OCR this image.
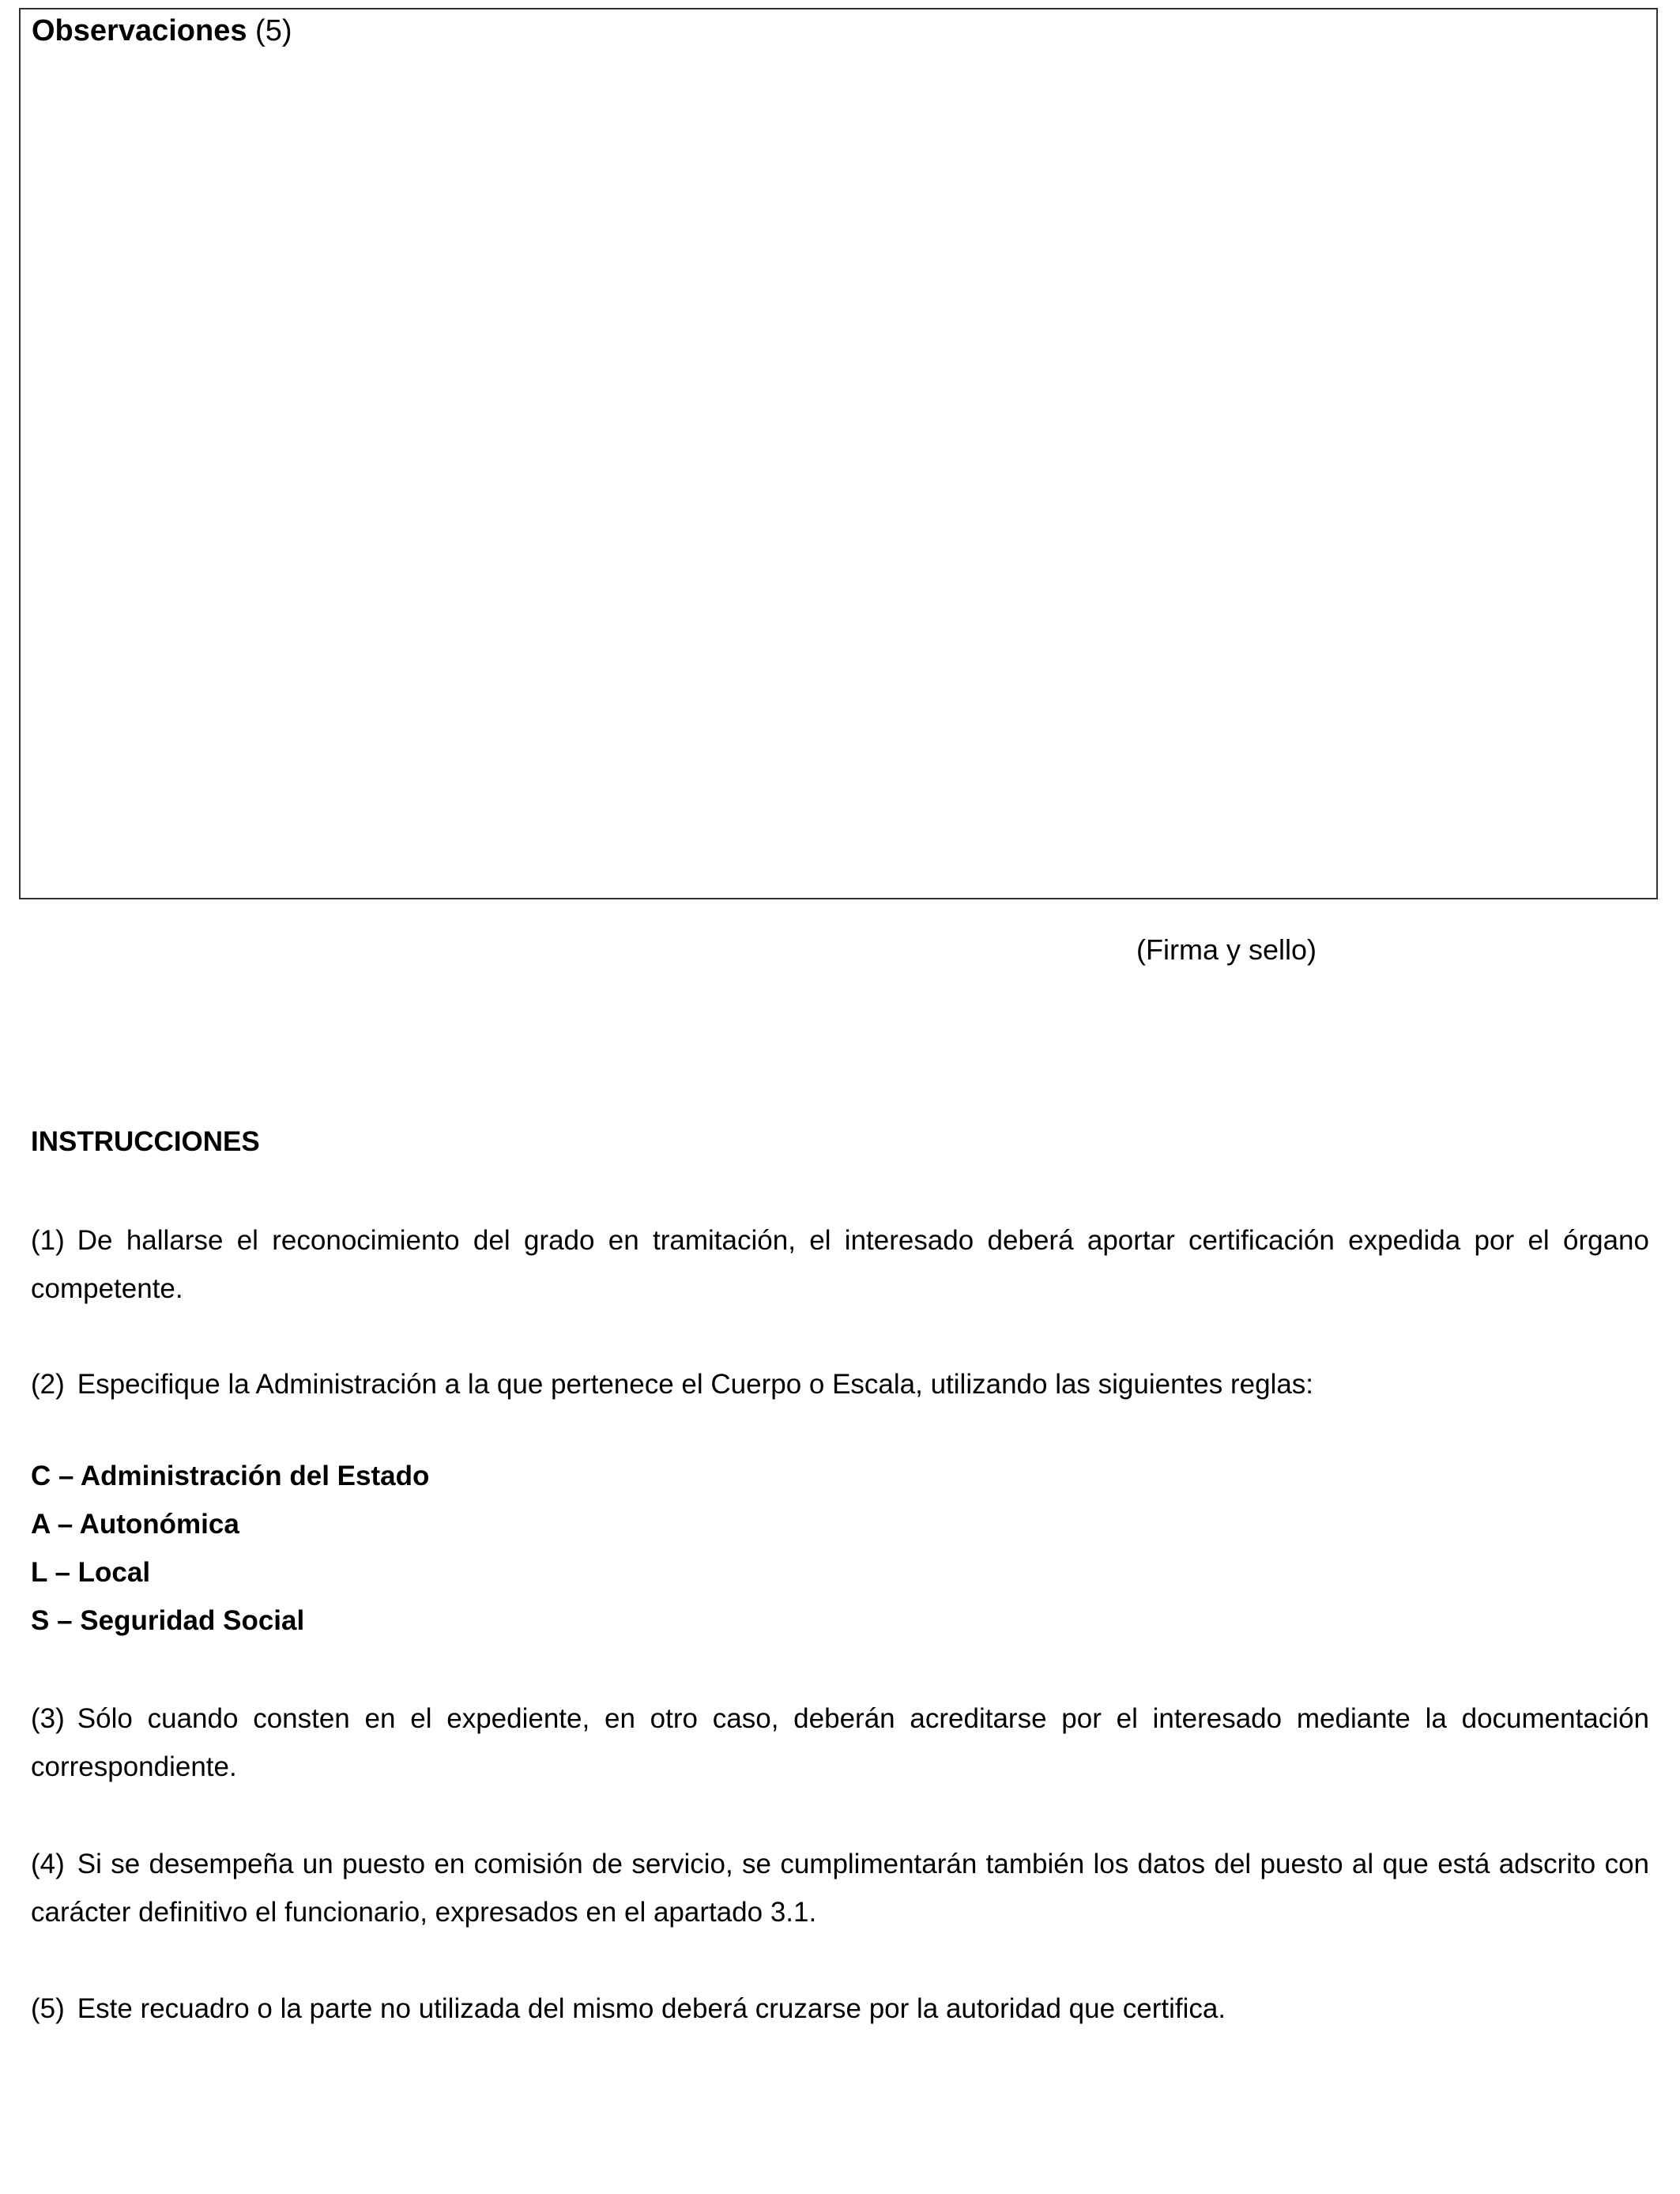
Observaciones (5)
(Firma y sello)
INSTRUCCIONES
(1) De hallarse el reconocimiento del grado en tramitación, el interesado deberá aportar certificación expedida por el órgano competente.
(2) Especifique la Administración a la que pertenece el Cuerpo o Escala, utilizando las siguientes reglas:
C – Administración del Estado
A – Autonómica
L – Local
S – Seguridad Social
(3) Sólo cuando consten en el expediente, en otro caso, deberán acreditarse por el interesado mediante la documentación correspondiente.
(4) Si se desempeña un puesto en comisión de servicio, se cumplimentarán también los datos del puesto al que está adscrito con carácter definitivo el funcionario, expresados en el apartado 3.1.
(5) Este recuadro o la parte no utilizada del mismo deberá cruzarse por la autoridad que certifica.
